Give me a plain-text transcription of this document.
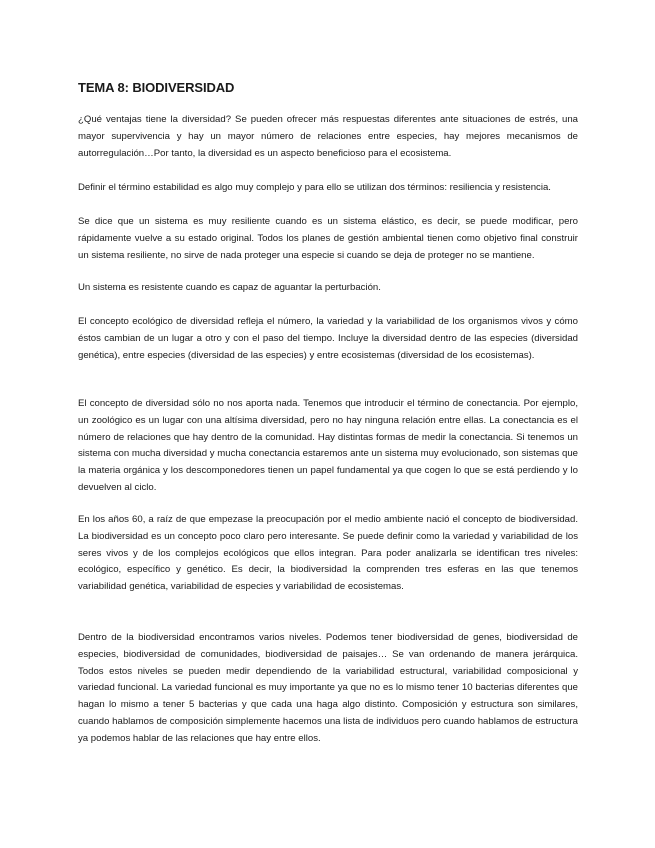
TEMA 8: BIODIVERSIDAD

¿Qué ventajas tiene la diversidad? Se pueden ofrecer más respuestas diferentes ante situaciones de estrés, una mayor supervivencia y hay un mayor número de relaciones entre especies, hay mejores mecanismos de autorregulación…Por tanto, la diversidad es un aspecto beneficioso para el ecosistema.

Definir el término estabilidad es algo muy complejo y para ello se utilizan dos términos: resiliencia y resistencia.

Se dice que un sistema es muy resiliente cuando es un sistema elástico, es decir, se puede modificar, pero rápidamente vuelve a su estado original. Todos los planes de gestión ambiental tienen como objetivo final construir un sistema resiliente, no sirve de nada proteger una especie si cuando se deja de proteger no se mantiene.

Un sistema es resistente cuando es capaz de aguantar la perturbación.

El concepto ecológico de diversidad refleja el número, la variedad y la variabilidad de los organismos vivos y cómo éstos cambian de un lugar a otro y con el paso del tiempo. Incluye la diversidad dentro de las especies (diversidad genética), entre especies (diversidad de las especies) y entre ecosistemas (diversidad de los ecosistemas).

El concepto de diversidad sólo no nos aporta nada. Tenemos que introducir el término de conectancia. Por ejemplo, un zoológico es un lugar con una altísima diversidad, pero no hay ninguna relación entre ellas. La conectancia es el número de relaciones que hay dentro de la comunidad. Hay distintas formas de medir la conectancia. Si tenemos un sistema con mucha diversidad y mucha conectancia estaremos ante un sistema muy evolucionado, son sistemas que la materia orgánica y los descomponedores tienen un papel fundamental ya que cogen lo que se está perdiendo y lo devuelven al ciclo.

En los años 60, a raíz de que empezase la preocupación por el medio ambiente nació el concepto de biodiversidad. La biodiversidad es un concepto poco claro pero interesante. Se puede definir como la variedad y variabilidad de los seres vivos y de los complejos ecológicos que ellos integran. Para poder analizarla se identifican tres niveles: ecológico, específico y genético. Es decir, la biodiversidad la comprenden tres esferas en las que tenemos variabilidad genética, variabilidad de especies y variabilidad de ecosistemas.

Dentro de la biodiversidad encontramos varios niveles. Podemos tener biodiversidad de genes, biodiversidad de especies, biodiversidad de comunidades, biodiversidad de paisajes… Se van ordenando de manera jerárquica. Todos estos niveles se pueden medir dependiendo de la variabilidad estructural, variabilidad composicional y variedad funcional. La variedad funcional es muy importante ya que no es lo mismo tener 10 bacterias diferentes que hagan lo mismo a tener 5 bacterias y que cada una haga algo distinto. Composición y estructura son similares, cuando hablamos de composición simplemente hacemos una lista de individuos pero cuando hablamos de estructura ya podemos hablar de las relaciones que hay entre ellos.
